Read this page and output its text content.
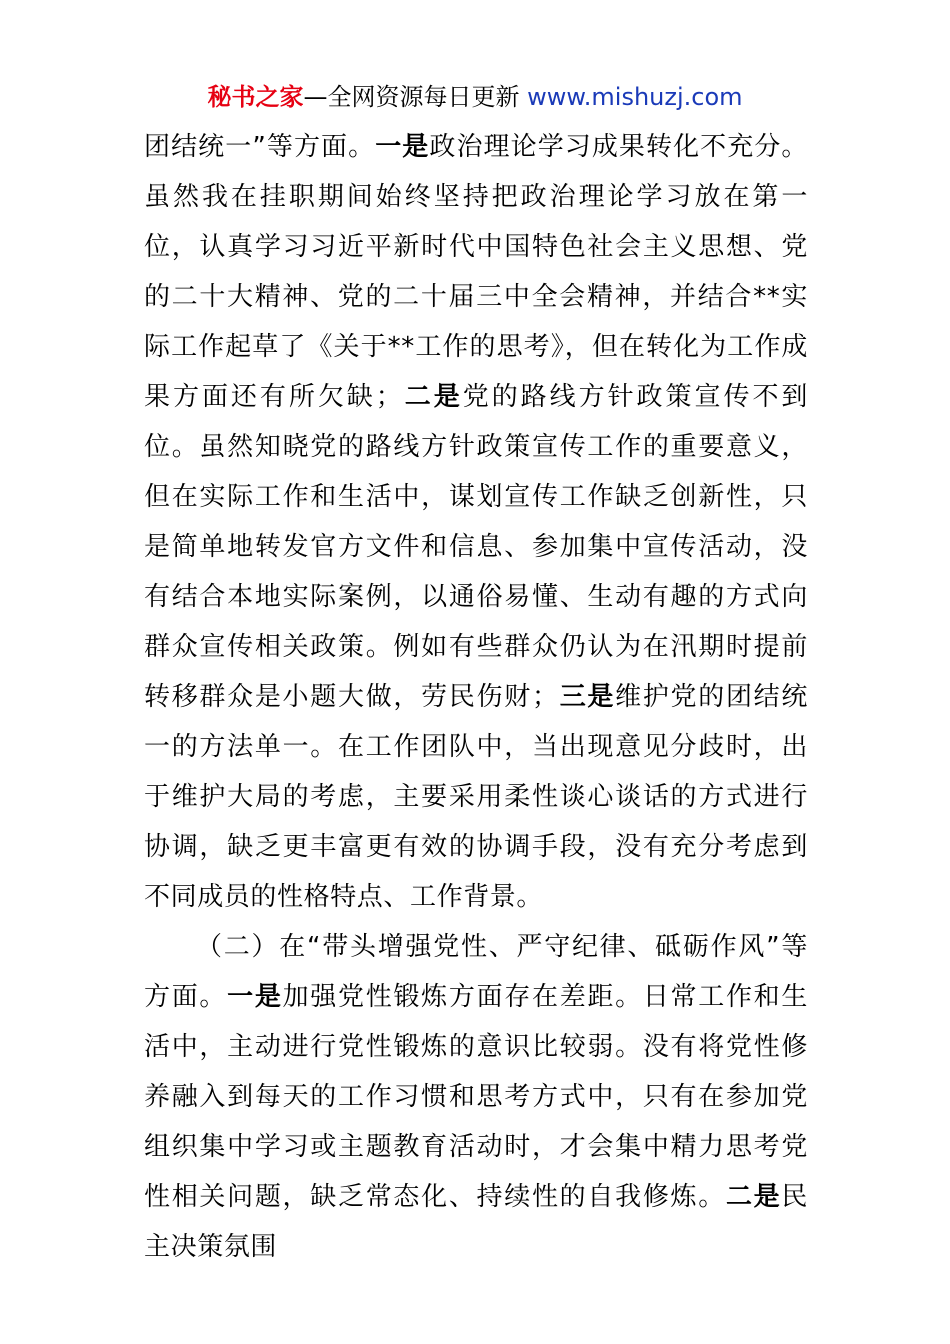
秘书之家—全网资源每日更新 www.mishuzj.com

团结统一”等方面。一是政治理论学习成果转化不充分。虽然我在挂职期间始终坚持把政治理论学习放在第一位，认真学习习近平新时代中国特色社会主义思想、党的二十大精神、党的二十届三中全会精神，并结合**实际工作起草了《关于**工作的思考》，但在转化为工作成果方面还有所欠缺；二是党的路线方针政策宣传不到位。虽然知晓党的路线方针政策宣传工作的重要意义，但在实际工作和生活中，谋划宣传工作缺乏创新性，只是简单地转发官方文件和信息、参加集中宣传活动，没有结合本地实际案例，以通俗易懂、生动有趣的方式向群众宣传相关政策。例如有些群众仍认为在汛期时提前转移群众是小题大做，劳民伤财；三是维护党的团结统一的方法单一。在工作团队中，当出现意见分歧时，出于维护大局的考虑，主要采用柔性谈心谈话的方式进行协调，缺乏更丰富更有效的协调手段，没有充分考虑到不同成员的性格特点、工作背景。

（二）在“带头增强党性、严守纪律、砥砺作风”等方面。一是加强党性锻炼方面存在差距。日常工作和生活中，主动进行党性锻炼的意识比较弱。没有将党性修养融入到每天的工作习惯和思考方式中，只有在参加党组织集中学习或主题教育活动时，才会集中精力思考党性相关问题，缺乏常态化、持续性的自我修炼。二是民主决策氛围
